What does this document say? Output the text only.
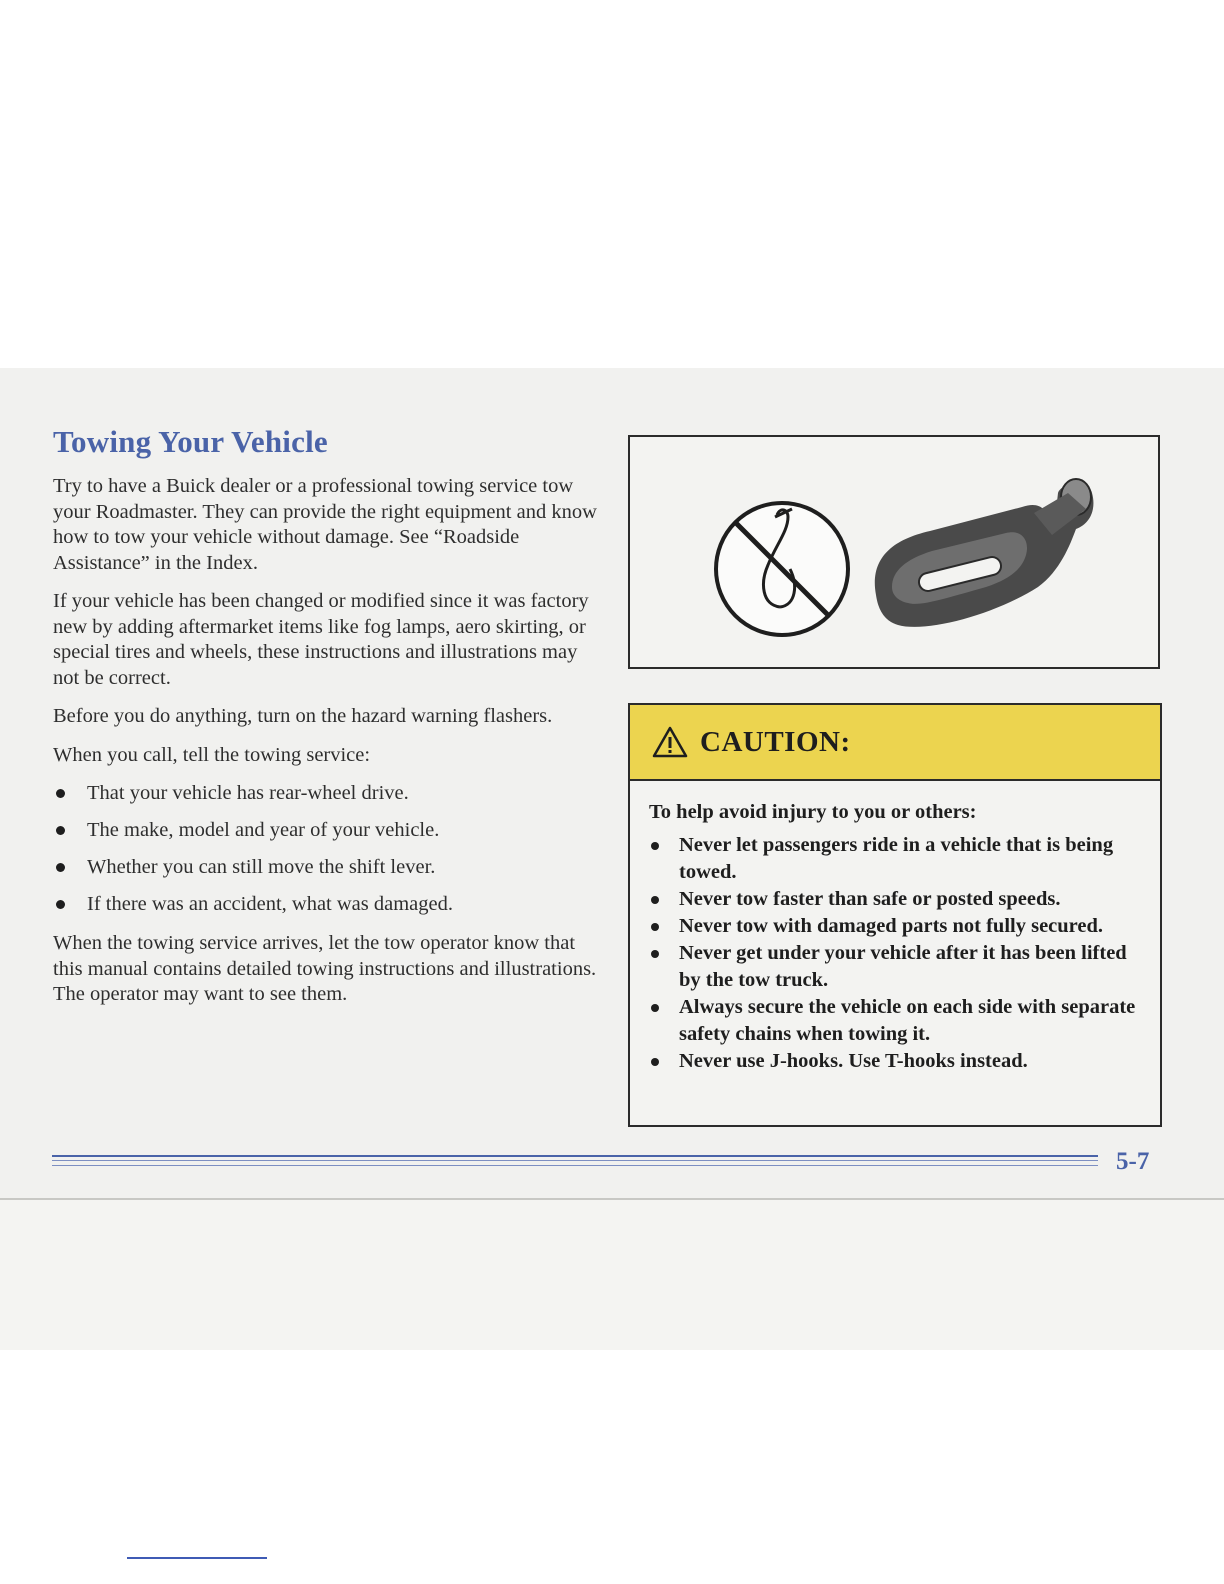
Towing Your Vehicle

Try to have a Buick dealer or a professional towing service tow your Roadmaster. They can provide the right equipment and know how to tow your vehicle without damage. See “Roadside Assistance” in the Index.

If your vehicle has been changed or modified since it was factory new by adding aftermarket items like fog lamps, aero skirting, or special tires and wheels, these instructions and illustrations may not be correct.

Before you do anything, turn on the hazard warning flashers.

When you call, tell the towing service:

That your vehicle has rear-wheel drive.
The make, model and year of your vehicle.
Whether you can still move the shift lever.
If there was an accident, what was damaged.

When the towing service arrives, let the tow operator know that this manual contains detailed towing instructions and illustrations. The operator may want to see them.

CAUTION:

To help avoid injury to you or others:

Never let passengers ride in a vehicle that is being towed.
Never tow faster than safe or posted speeds.
Never tow with damaged parts not fully secured.
Never get under your vehicle after it has been lifted by the tow truck.
Always secure the vehicle on each side with separate safety chains when towing it.
Never use J-hooks. Use T-hooks instead.
5-7
